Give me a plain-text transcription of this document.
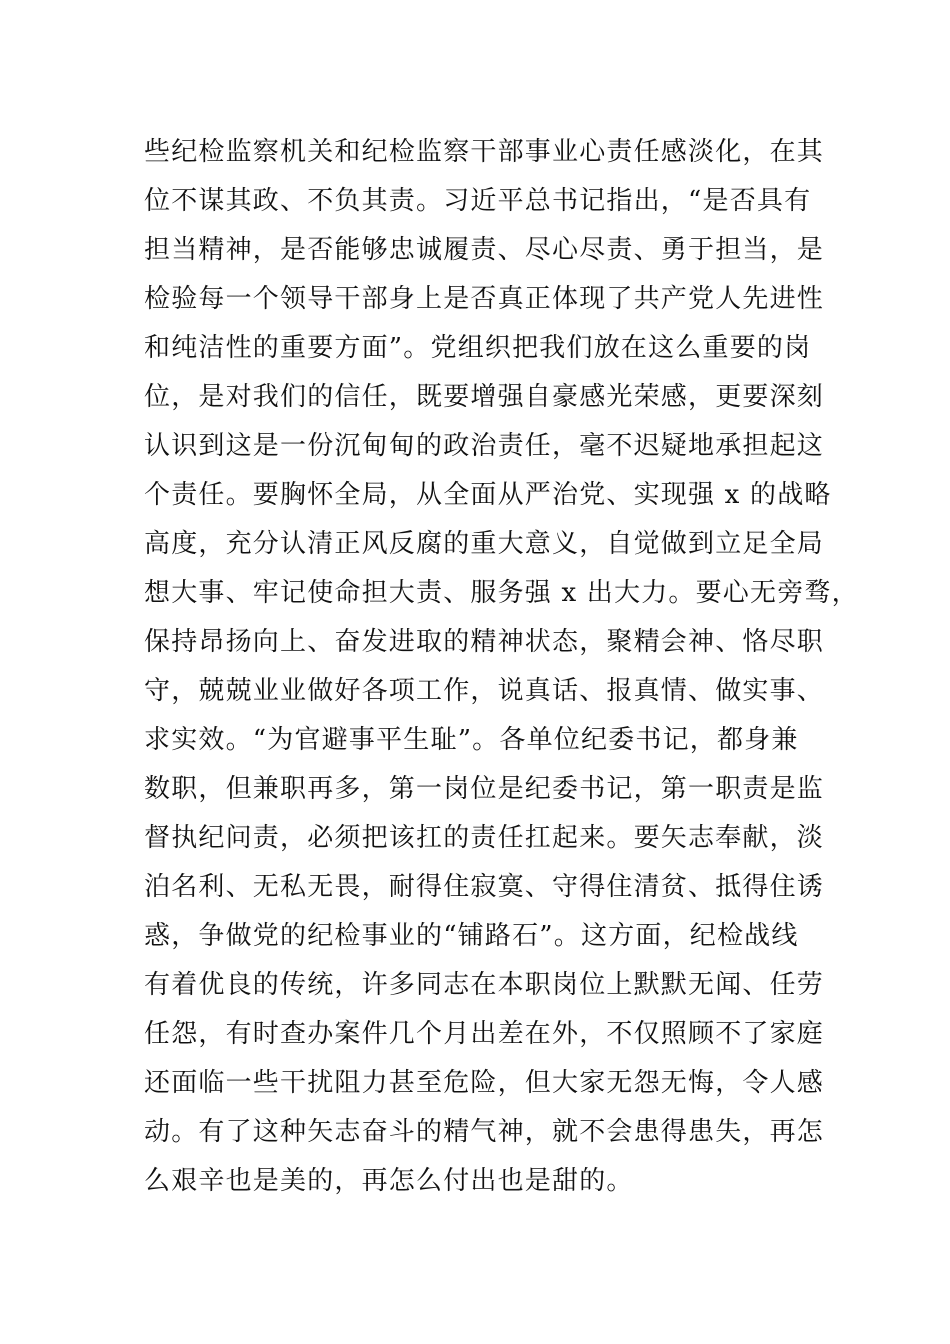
些纪检监察机关和纪检监察干部事业心责任感淡化，在其
位不谋其政、不负其责。习近平总书记指出，“是否具有
担当精神，是否能够忠诚履责、尽心尽责、勇于担当，是
检验每一个领导干部身上是否真正体现了共产党人先进性
和纯洁性的重要方面”。党组织把我们放在这么重要的岗
位，是对我们的信任，既要增强自豪感光荣感，更要深刻
认识到这是一份沉甸甸的政治责任，毫不迟疑地承担起这
个责任。要胸怀全局，从全面从严治党、实现强 x 的战略
高度，充分认清正风反腐的重大意义，自觉做到立足全局
想大事、牢记使命担大责、服务强 x 出大力。要心无旁骛，
保持昂扬向上、奋发进取的精神状态，聚精会神、恪尽职
守，兢兢业业做好各项工作，说真话、报真情、做实事、
求实效。“为官避事平生耻”。各单位纪委书记，都身兼
数职，但兼职再多，第一岗位是纪委书记，第一职责是监
督执纪问责，必须把该扛的责任扛起来。要矢志奉献，淡
泊名利、无私无畏，耐得住寂寞、守得住清贫、抵得住诱
惑，争做党的纪检事业的“铺路石”。这方面，纪检战线
有着优良的传统，许多同志在本职岗位上默默无闻、任劳
任怨，有时查办案件几个月出差在外，不仅照顾不了家庭
还面临一些干扰阻力甚至危险，但大家无怨无悔，令人感
动。有了这种矢志奋斗的精气神，就不会患得患失，再怎
么艰辛也是美的，再怎么付出也是甜的。
